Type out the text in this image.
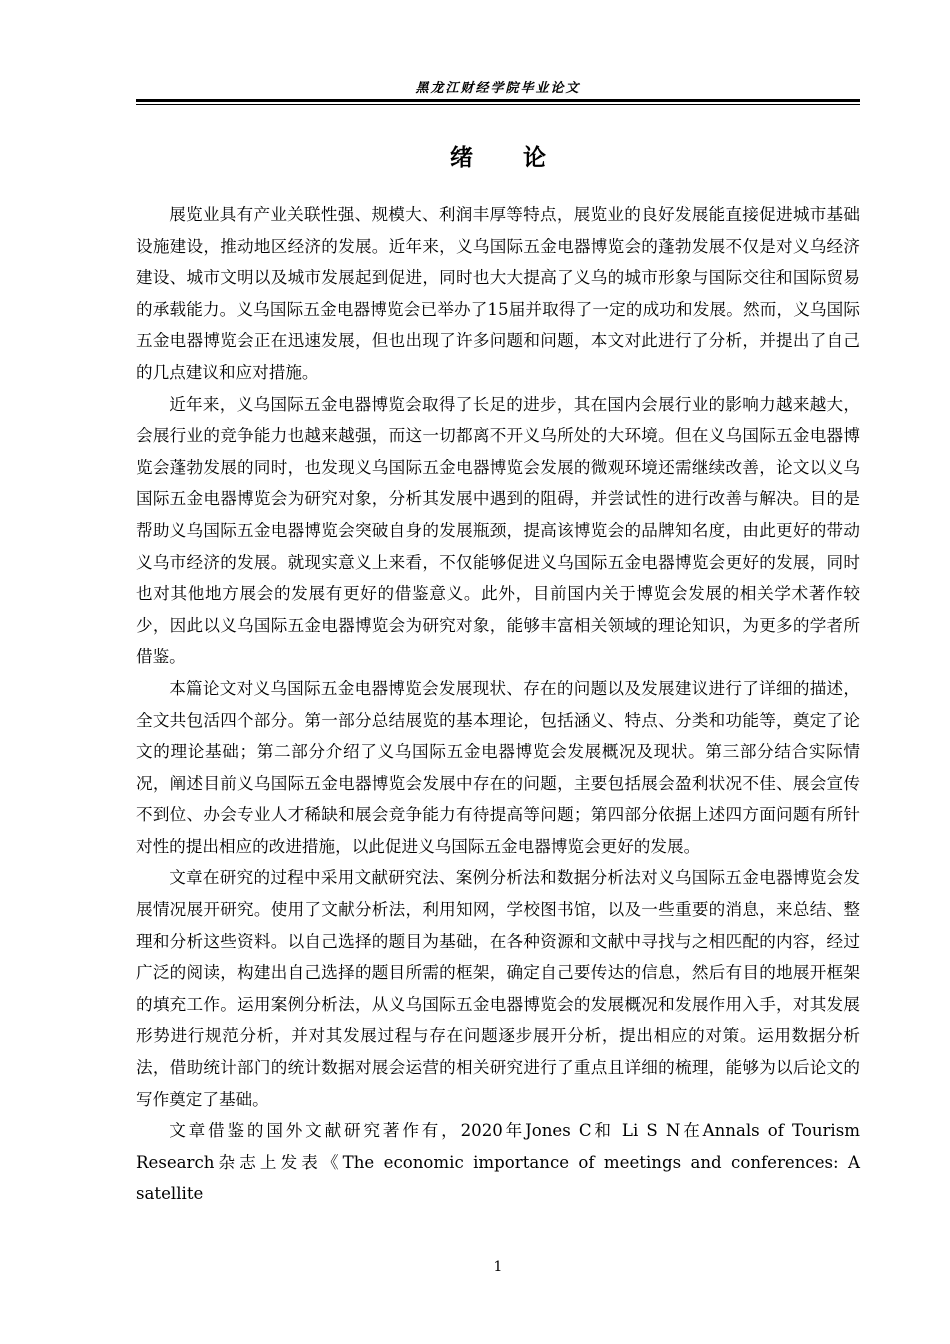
黑龙江财经学院毕业论文
绪 论

展览业具有产业关联性强、规模大、利润丰厚等特点，展览业的良好发展能直接促进城市基础设施建设，推动地区经济的发展。近年来，义乌国际五金电器博览会的蓬勃发展不仅是对义乌经济建设、城市文明以及城市发展起到促进，同时也大大提高了义乌的城市形象与国际交往和国际贸易的承载能力。义乌国际五金电器博览会已举办了15届并取得了一定的成功和发展。然而，义乌国际五金电器博览会正在迅速发展，但也出现了许多问题和问题，本文对此进行了分析，并提出了自己的几点建议和应对措施。

近年来，义乌国际五金电器博览会取得了长足的进步，其在国内会展行业的影响力越来越大，会展行业的竞争能力也越来越强，而这一切都离不开义乌所处的大环境。但在义乌国际五金电器博览会蓬勃发展的同时，也发现义乌国际五金电器博览会发展的微观环境还需继续改善，论文以义乌国际五金电器博览会为研究对象，分析其发展中遇到的阻碍，并尝试性的进行改善与解决。目的是帮助义乌国际五金电器博览会突破自身的发展瓶颈，提高该博览会的品牌知名度，由此更好的带动义乌市经济的发展。就现实意义上来看，不仅能够促进义乌国际五金电器博览会更好的发展，同时也对其他地方展会的发展有更好的借鉴意义。此外，目前国内关于博览会发展的相关学术著作较少，因此以义乌国际五金电器博览会为研究对象，能够丰富相关领域的理论知识，为更多的学者所借鉴。

本篇论文对义乌国际五金电器博览会发展现状、存在的问题以及发展建议进行了详细的描述，全文共包活四个部分。第一部分总结展览的基本理论，包括涵义、特点、分类和功能等，奠定了论文的理论基础；第二部分介绍了义乌国际五金电器博览会发展概况及现状。第三部分结合实际情况，阐述目前义乌国际五金电器博览会发展中存在的问题，主要包括展会盈利状况不佳、展会宣传不到位、办会专业人才稀缺和展会竞争能力有待提高等问题；第四部分依据上述四方面问题有所针对性的提出相应的改进措施，以此促进义乌国际五金电器博览会更好的发展。

文章在研究的过程中采用文献研究法、案例分析法和数据分析法对义乌国际五金电器博览会发展情况展开研究。使用了文献分析法，利用知网，学校图书馆，以及一些重要的消息，来总结、整理和分析这些资料。以自己选择的题目为基础，在各种资源和文献中寻找与之相匹配的内容，经过广泛的阅读，构建出自己选择的题目所需的框架，确定自己要传达的信息，然后有目的地展开框架的填充工作。运用案例分析法，从义乌国际五金电器博览会的发展概况和发展作用入手，对其发展形势进行规范分析，并对其发展过程与存在问题逐步展开分析，提出相应的对策。运用数据分析法，借助统计部门的统计数据对展会运营的相关研究进行了重点且详细的梳理，能够为以后论文的写作奠定了基础。

文章借鉴的国外文献研究著作有，2020年Jones C和 Li S N在Annals of Tourism Research杂志上发表《The economic importance of meetings and conferences: A satellite

1
